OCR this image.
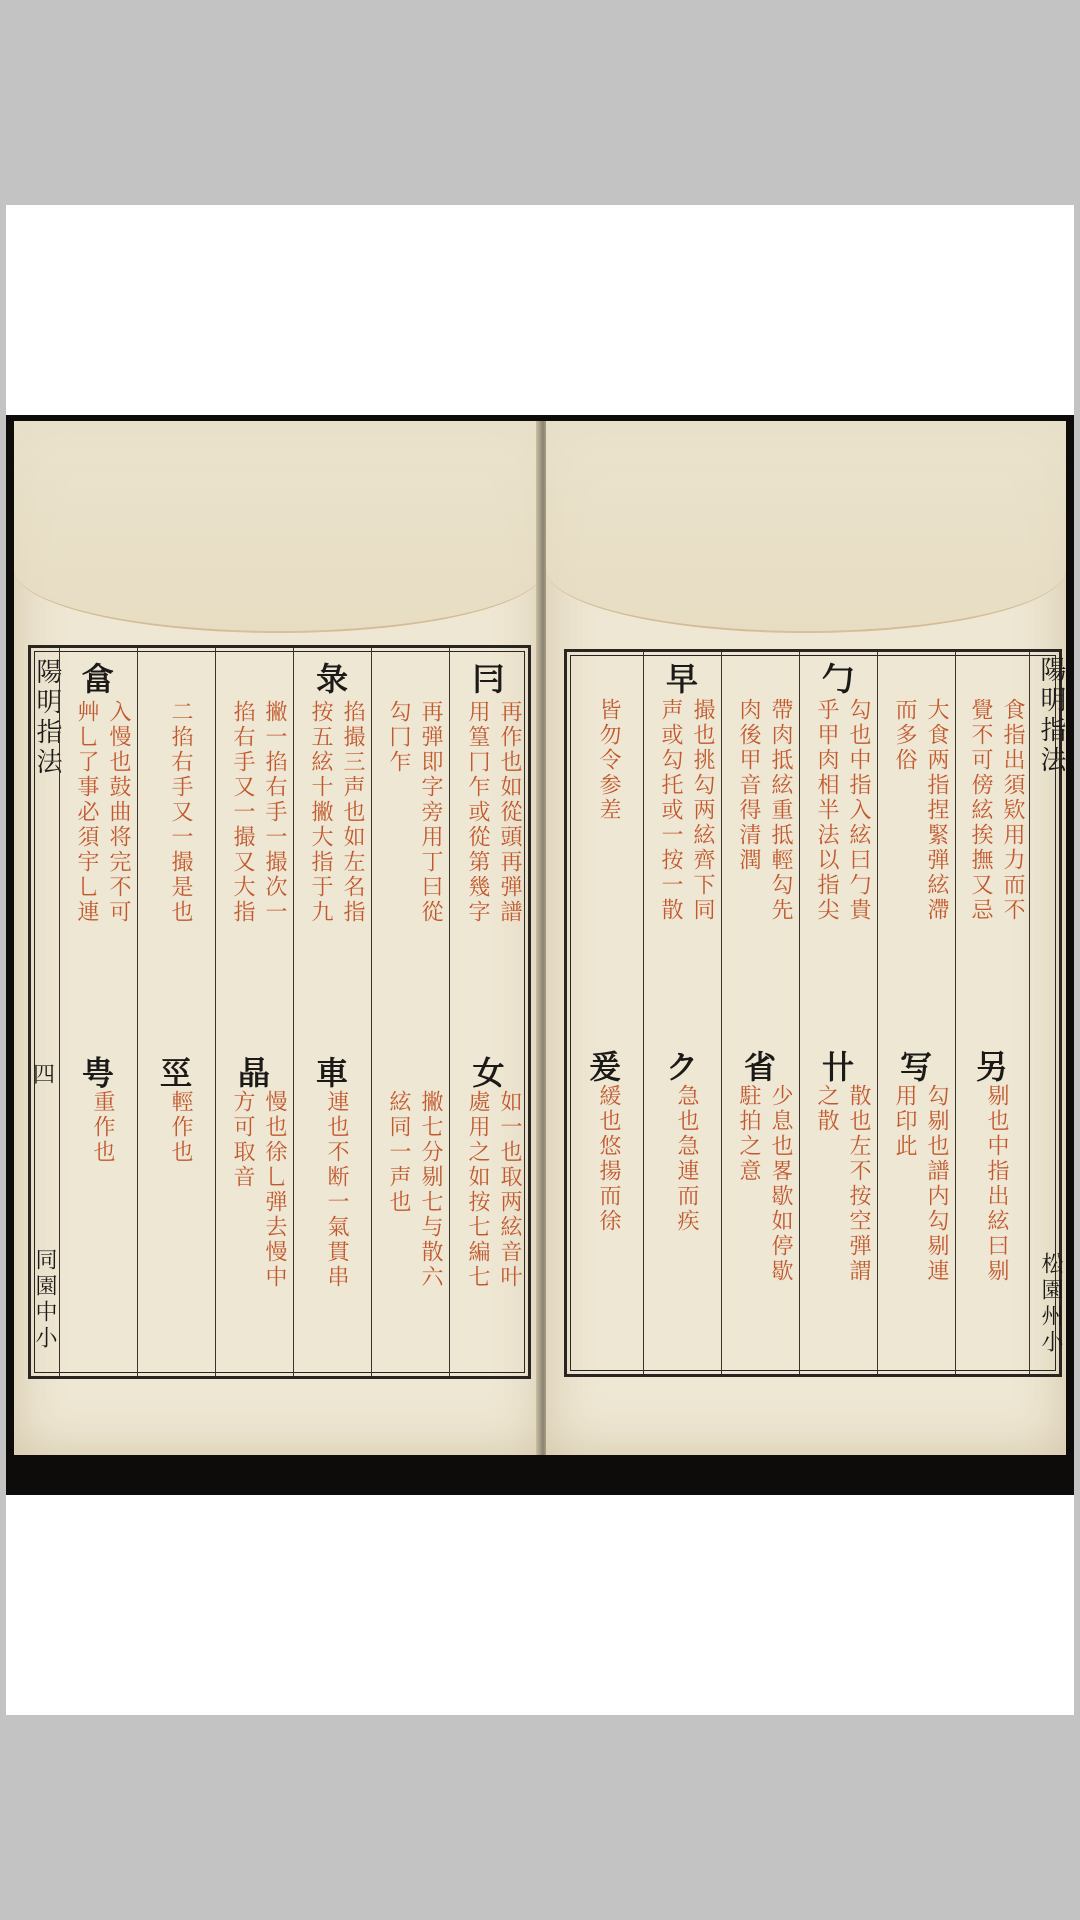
陽明指法
四
同園中小
畣
入慢也鼓曲将完不可
艸乚了事必須宇乚連
甹
重作也
二掐右手又一撮是也
巠
輕作也
撇一掐右手一撮次一
掐右手又一撮又大指
晶
慢也徐乚弾去慢中
方可取音
彔
掐撮三声也如左名指
按五絃十撇大指于九
車
連也不断一氣貫串
再弾即字旁用丁曰從
勾冂乍
撇七分剔七与散六
絃同一声也
冃
再作也如從頭再弾譜
用篁冂乍或從第幾字
女
如一也取两絃音叶
處用之如按七編七
皆勿令参差
爰
緩也悠揚而徐
早
撮也挑勾两絃齊下同
声或勾托或一按一散
ク
急也急連而疾
帶肉抵絃重抵輕勾先
肉後甲音得清潤
省
少息也畧歇如停歇
駐拍之意
勹
勾也中指入絃曰勹貴
乎甲肉相半法以指尖
卄
散也左不按空弾謂
之散
大食两指捏緊弾絃滯
而多俗
写
勾剔也譜内勾剔連
用印此
食指出須欵用力而不
覺不可傍絃挨撫又忌
另
剔也中指出絃曰剔
陽明指法
松園州小
